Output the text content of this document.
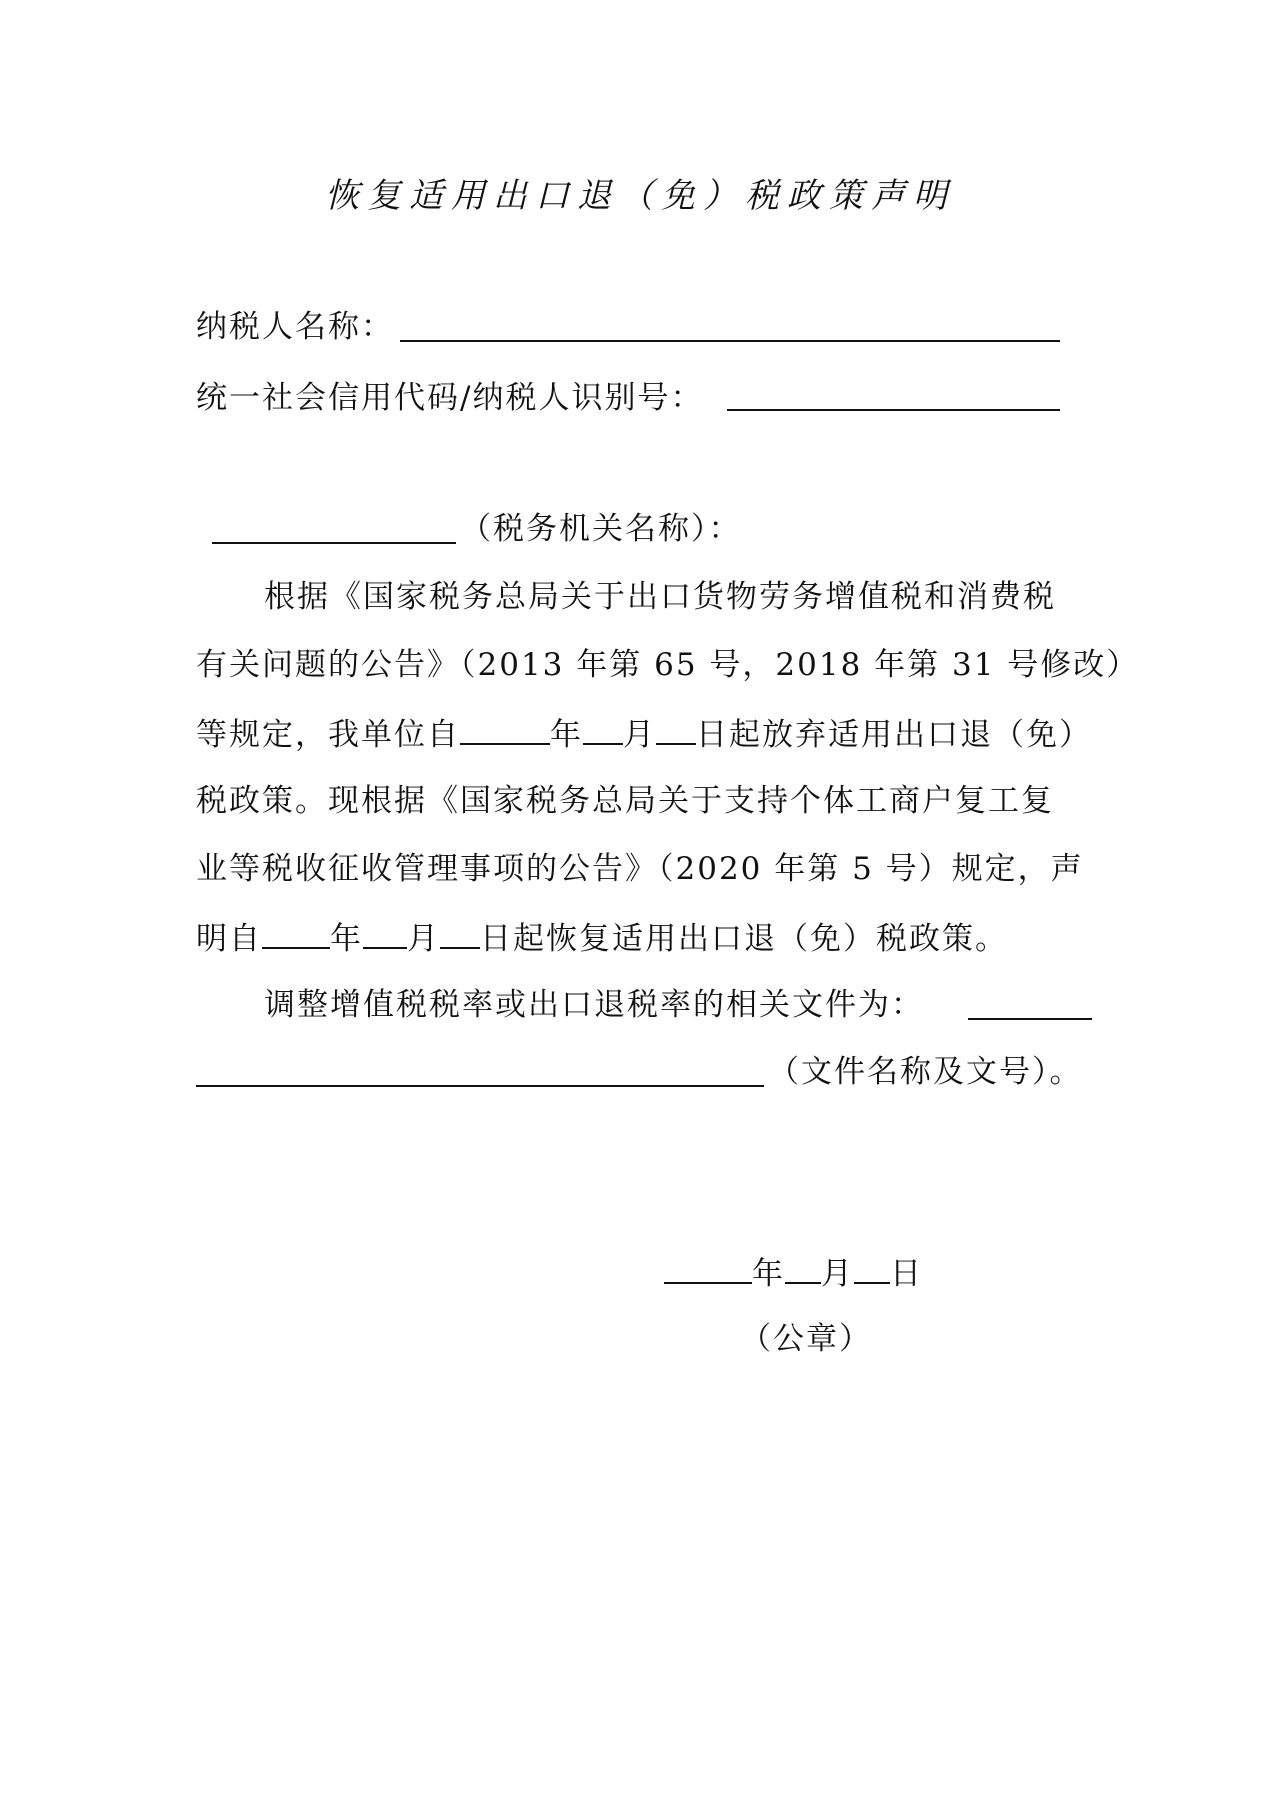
恢复适用出口退（免）税政策声明
纳税人名称：
统一社会信用代码/纳税人识别号：
（税务机关名称）：
根据《国家税务总局关于出口货物劳务增值税和消费税
有关问题的公告》（2013 年第 65 号，2018 年第 31 号修改）
等规定，我单位自	年 月 日起放弃适用出口退（免）
税政策。现根据《国家税务总局关于支持个体工商户复工复
业等税收征收管理事项的公告》（2020 年第 5 号）规定，声
明自 年 月 日起恢复适用出口退（免）税政策。
调整增值税税率或出口退税率的相关文件为：
（文件名称及文号）。
年 月 日
（公章）
